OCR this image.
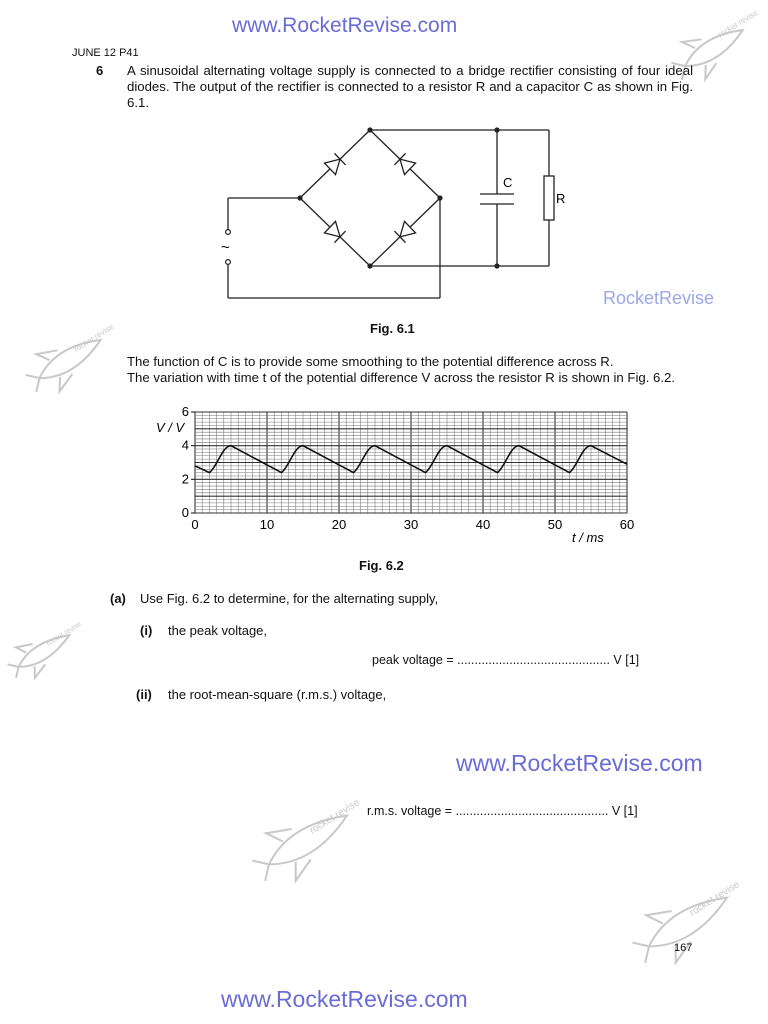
www.RocketRevise.com
RocketRevise
www.RocketRevise.com
www.RocketRevise.com
rocket revise
rocket revise
rocket revise
rocket revise
rocket revise
JUNE 12 P41
6 A sinusoidal alternating voltage supply is connected to a bridge rectifier consisting of four ideal diodes. The output of the rectifier is connected to a resistor R and a capacitor C as shown in Fig. 6.1.
~
C
R
Fig. 6.1
The function of C is to provide some smoothing to the potential difference across R.
The variation with time t of the potential difference V across the resistor R is shown in Fig. 6.2.
0	10	20	30	40	50	60
0
2
4
6
V / V
t / ms
Fig. 6.2
(a) Use Fig. 6.2 to determine, for the alternating supply,
(i) the peak voltage,
peak voltage = ............................................ V [1]
(ii) the root-mean-square (r.m.s.) voltage,
r.m.s. voltage = ............................................ V [1]
167
